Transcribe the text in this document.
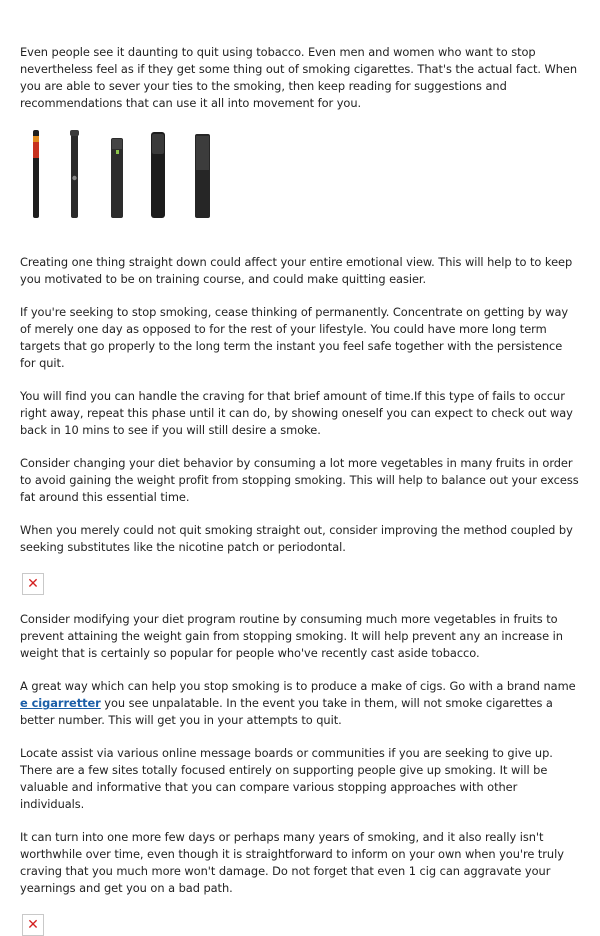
Even people see it daunting to quit using tobacco. Even men and women who want to stop nevertheless feel as if they get some thing out of smoking cigarettes. That's the actual fact. When you are able to sever your ties to the smoking, then keep reading for suggestions and recommendations that can use it all into movement for you.

Creating one thing straight down could affect your entire emotional view. This will help to to keep you motivated to be on training course, and could make quitting easier.

If you're seeking to stop smoking, cease thinking of permanently. Concentrate on getting by way of merely one day as opposed to for the rest of your lifestyle. You could have more long term targets that go properly to the long term the instant you feel safe together with the persistence for quit.

You will find you can handle the craving for that brief amount of time.If this type of fails to occur right away, repeat this phase until it can do, by showing oneself you can expect to check out way back in 10 mins to see if you will still desire a smoke.

Consider changing your diet behavior by consuming a lot more vegetables in many fruits in order to avoid gaining the weight profit from stopping smoking. This will help to balance out your excess fat around this essential time.

When you merely could not quit smoking straight out, consider improving the method coupled by seeking substitutes like the nicotine patch or periodontal.

✕

Consider modifying your diet program routine by consuming much more vegetables in fruits to prevent attaining the weight gain from stopping smoking. It will help prevent any an increase in weight that is certainly so popular for people who've recently cast aside tobacco.

A great way which can help you stop smoking is to produce a make of cigs. Go with a brand name e cigarretter you see unpalatable. In the event you take in them, will not smoke cigarettes a better number. This will get you in your attempts to quit.

Locate assist via various online message boards or communities if you are seeking to give up. There are a few sites totally focused entirely on supporting people give up smoking. It will be valuable and informative that you can compare various stopping approaches with other individuals.

It can turn into one more few days or perhaps many years of smoking, and it also really isn't worthwhile over time, even though it is straightforward to inform on your own when you're truly craving that you much more won't damage. Do not forget that even 1 cig can aggravate your yearnings and get you on a bad path.

✕
